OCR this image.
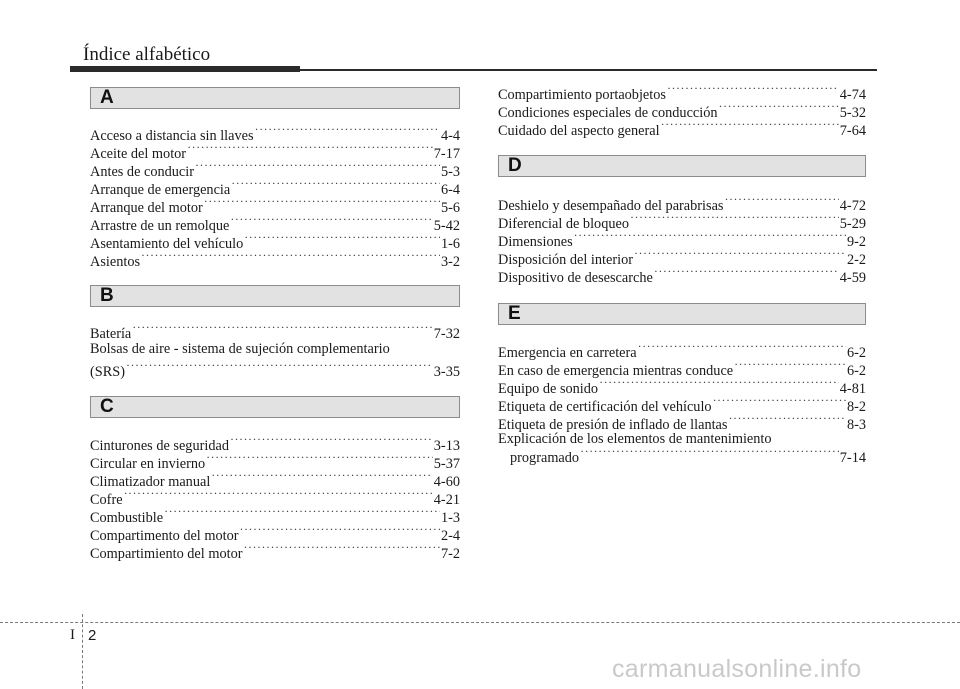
Índice alfabético
A
Acceso a distancia sin llaves ·····	4-4
Aceite del motor ·····	7-17
Antes de conducir ·····	5-3
Arranque de emergencia ·····	6-4
Arranque del motor ·····	5-6
Arrastre de un remolque ·····	5-42
Asentamiento del vehículo ·····	1-6
Asientos ·····	3-2
B
Batería ·····	7-32
Bolsas de aire - sistema de sujeción complementario
(SRS) ·····	3-35
C
Cinturones de seguridad ·····	3-13
Circular en invierno ·····	5-37
Climatizador manual ·····	4-60
Cofre ·····	4-21
Combustible ·····	1-3
Compartimento del motor ·····	2-4
Compartimiento del motor ·····	7-2
Compartimiento portaobjetos ·····	4-74
Condiciones especiales de conducción ·····	5-32
Cuidado del aspecto general ·····	7-64
D
Deshielo y desempañado del parabrisas ·····	4-72
Diferencial de bloqueo ·····	5-29
Dimensiones ·····	9-2
Disposición del interior ·····	2-2
Dispositivo de desescarche ·····	4-59
E
Emergencia en carretera ·····	6-2
En caso de emergencia mientras conduce ·····	6-2
Equipo de sonido ·····	4-81
Etiqueta de certificación del vehículo ·····	8-2
Etiqueta de presión de inflado de llantas ·····	8-3
Explicación de los elementos de mantenimiento
programado ·····	7-14
I 2
carmanualsonline.info
